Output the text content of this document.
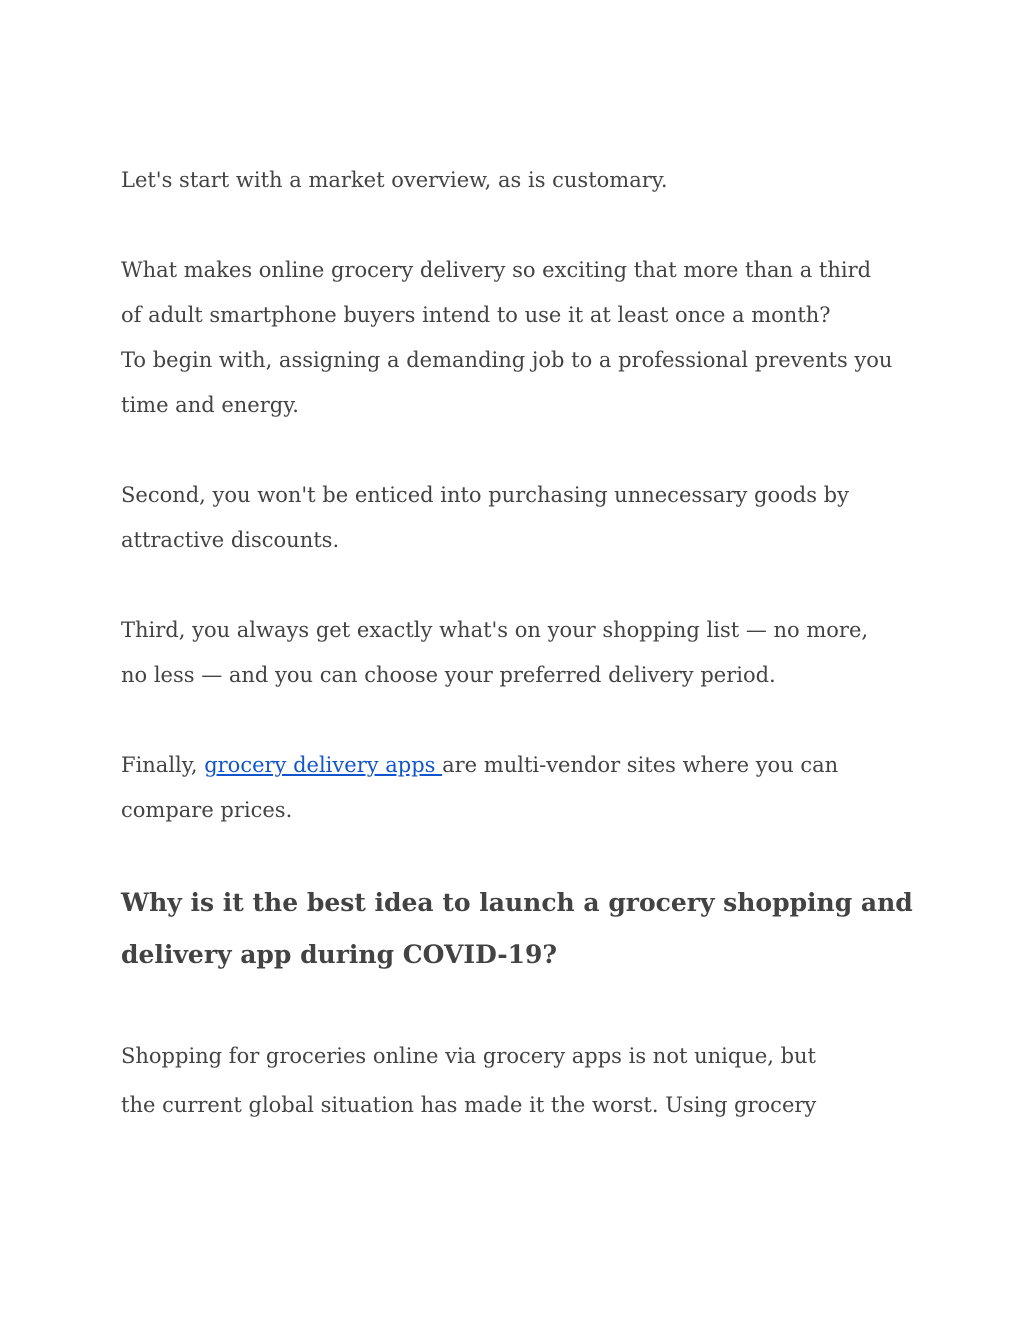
Let's start with a market overview, as is customary.

What makes online grocery delivery so exciting that more than a third
of adult smartphone buyers intend to use it at least once a month?
To begin with, assigning a demanding job to a professional prevents you
time and energy.

Second, you won't be enticed into purchasing unnecessary goods by
attractive discounts.

Third, you always get exactly what's on your shopping list — no more,
no less — and you can choose your preferred delivery period.

Finally, grocery delivery apps are multi-vendor sites where you can
compare prices.

Why is it the best idea to launch a grocery shopping and
delivery app during COVID-19?

Shopping for groceries online via grocery apps is not unique, but
the current global situation has made it the worst. Using grocery
